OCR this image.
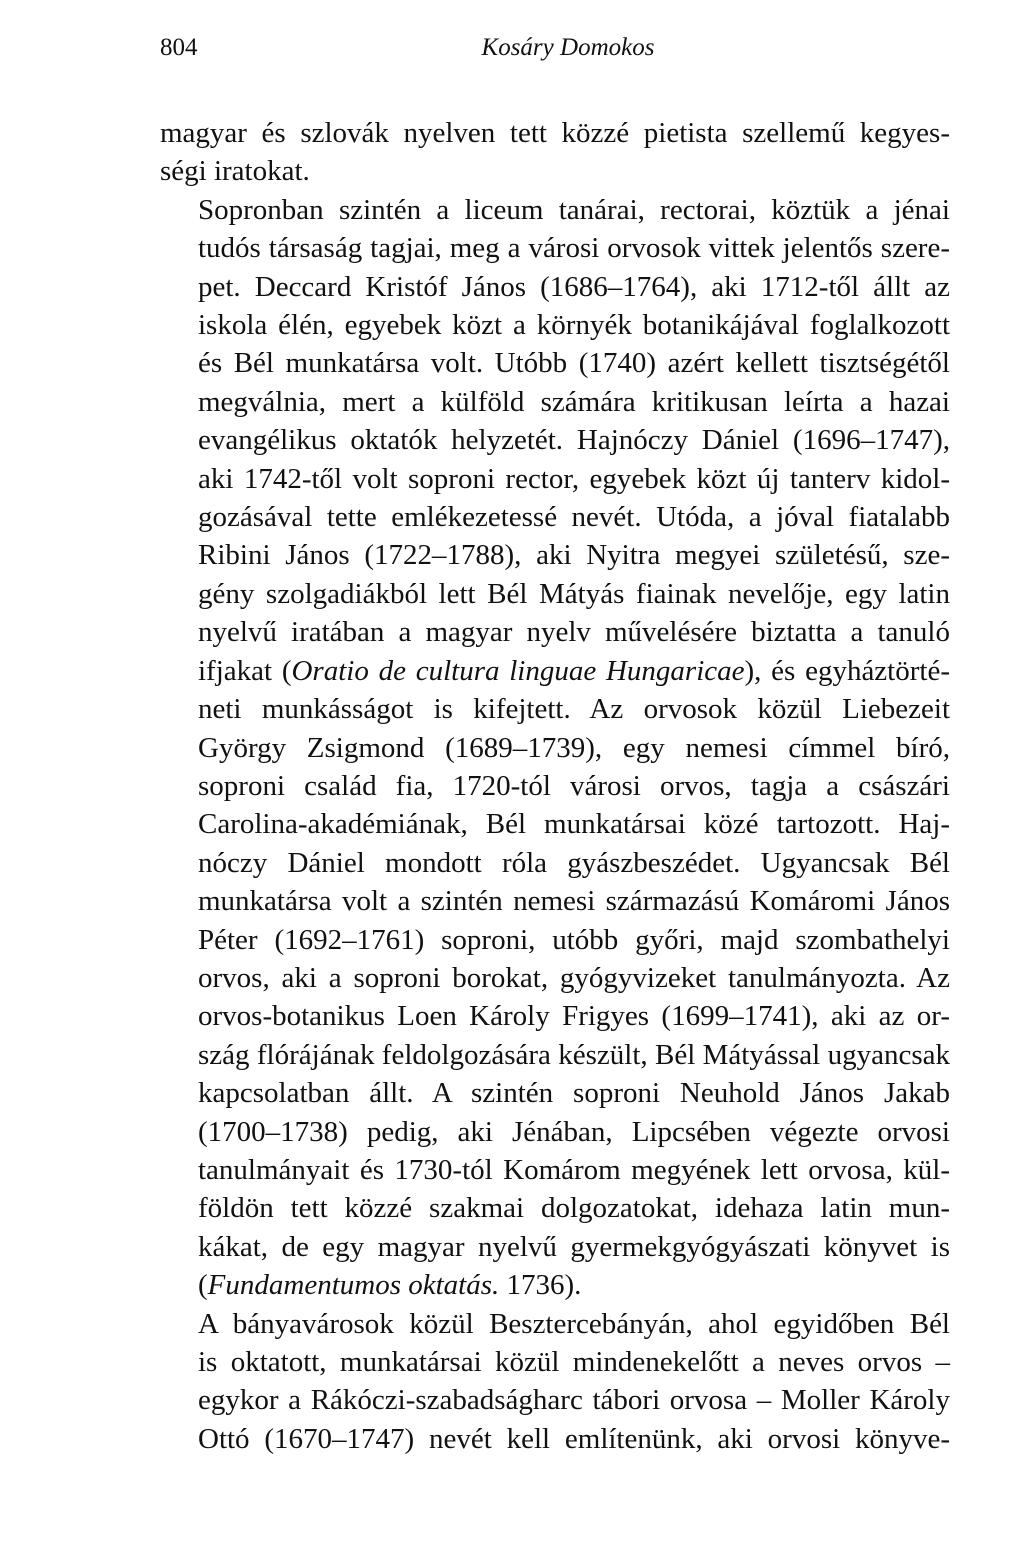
804	Kosáry Domokos

magyar és szlovák nyelven tett közzé pietista szellemű kegyes-
ségi iratokat.

Sopronban szintén a liceum tanárai, rectorai, köztük a jénai
tudós társaság tagjai, meg a városi orvosok vittek jelentős szere-
pet. Deccard Kristóf János (1686–1764), aki 1712-től állt az
iskola élén, egyebek közt a környék botanikájával foglalkozott
és Bél munkatársa volt. Utóbb (1740) azért kellett tisztségétől
megválnia, mert a külföld számára kritikusan leírta a hazai
evangélikus oktatók helyzetét. Hajnóczy Dániel (1696–1747),
aki 1742-től volt soproni rector, egyebek közt új tanterv kidol-
gozásával tette emlékezetessé nevét. Utóda, a jóval fiatalabb
Ribini János (1722–1788), aki Nyitra megyei születésű, sze-
gény szolgadiákból lett Bél Mátyás fiainak nevelője, egy latin
nyelvű iratában a magyar nyelv művelésére biztatta a tanuló
ifjakat (Oratio de cultura linguae Hungaricae), és egyháztörté-
neti munkásságot is kifejtett. Az orvosok közül Liebezeit
György Zsigmond (1689–1739), egy nemesi címmel bíró,
soproni család fia, 1720-tól városi orvos, tagja a császári
Carolina-akadémiának, Bél munkatársai közé tartozott. Haj-
nóczy Dániel mondott róla gyászbeszédet. Ugyancsak Bél
munkatársa volt a szintén nemesi származású Komáromi János
Péter (1692–1761) soproni, utóbb győri, majd szombathelyi
orvos, aki a soproni borokat, gyógyvizeket tanulmányozta. Az
orvos-botanikus Loen Károly Frigyes (1699–1741), aki az or-
szág flórájának feldolgozására készült, Bél Mátyással ugyancsak
kapcsolatban állt. A szintén soproni Neuhold János Jakab
(1700–1738) pedig, aki Jénában, Lipcsében végezte orvosi
tanulmányait és 1730-tól Komárom megyének lett orvosa, kül-
földön tett közzé szakmai dolgozatokat, idehaza latin mun-
kákat, de egy magyar nyelvű gyermekgyógyászati könyvet is
(Fundamentumos oktatás. 1736).

A bányavárosok közül Besztercebányán, ahol egyidőben Bél
is oktatott, munkatársai közül mindenekelőtt a neves orvos –
egykor a Rákóczi-szabadságharc tábori orvosa – Moller Károly
Ottó (1670–1747) nevét kell említenünk, aki orvosi könyve-
